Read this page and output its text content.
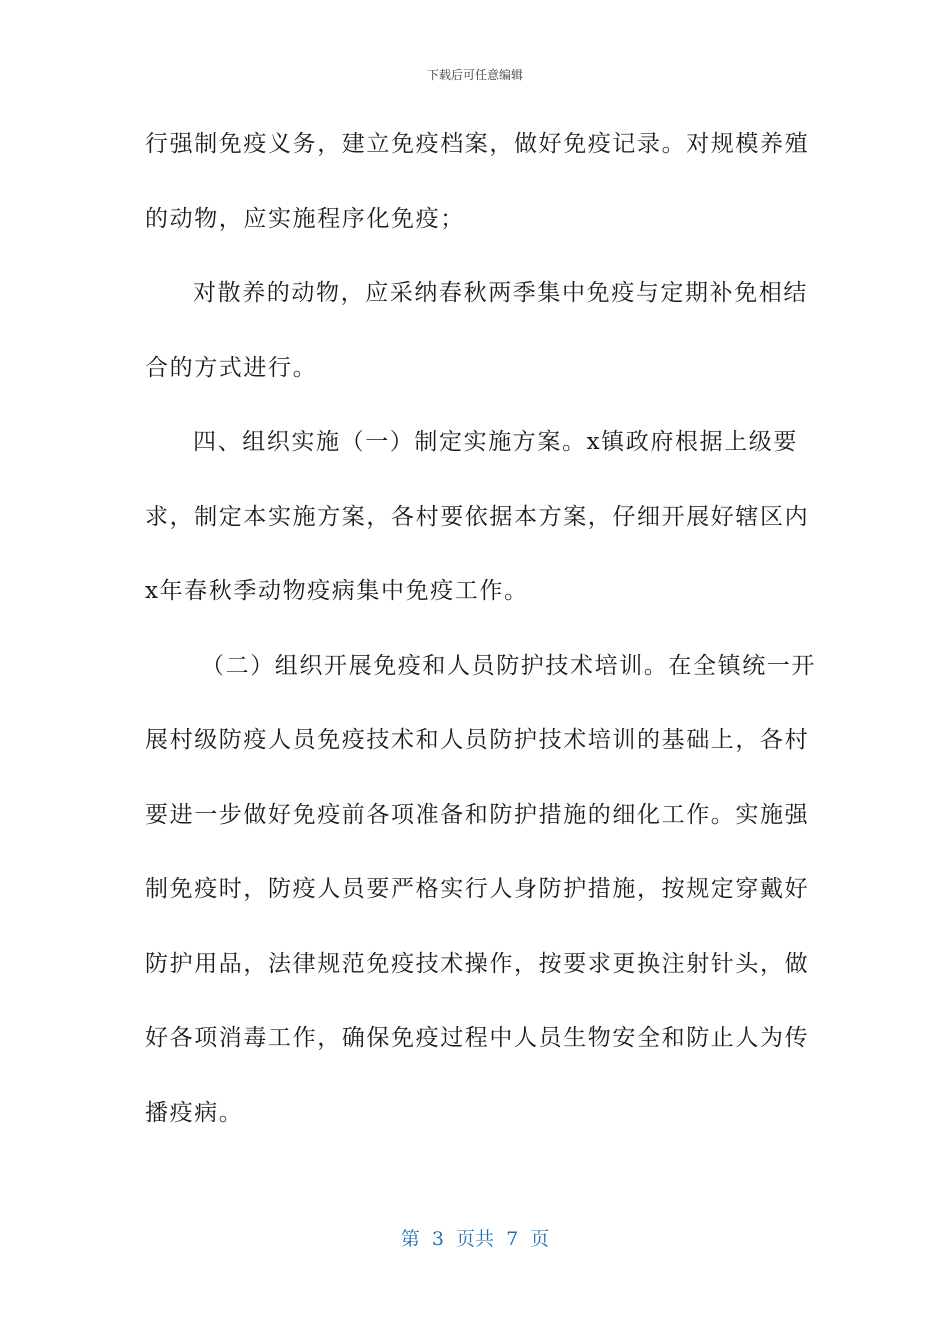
下载后可任意编辑
行强制免疫义务，建立免疫档案，做好免疫记录。对规模养殖
的动物，应实施程序化免疫；
对散养的动物，应采纳春秋两季集中免疫与定期补免相结
合的方式进行。
四、组织实施（一）制定实施方案。x镇政府根据上级要
求，制定本实施方案，各村要依据本方案，仔细开展好辖区内
x年春秋季动物疫病集中免疫工作。
（二）组织开展免疫和人员防护技术培训。在全镇统一开
展村级防疫人员免疫技术和人员防护技术培训的基础上，各村
要进一步做好免疫前各项准备和防护措施的细化工作。实施强
制免疫时，防疫人员要严格实行人身防护措施，按规定穿戴好
防护用品，法律规范免疫技术操作，按要求更换注射针头，做
好各项消毒工作，确保免疫过程中人员生物安全和防止人为传
播疫病。
第  3  页共  7  页
